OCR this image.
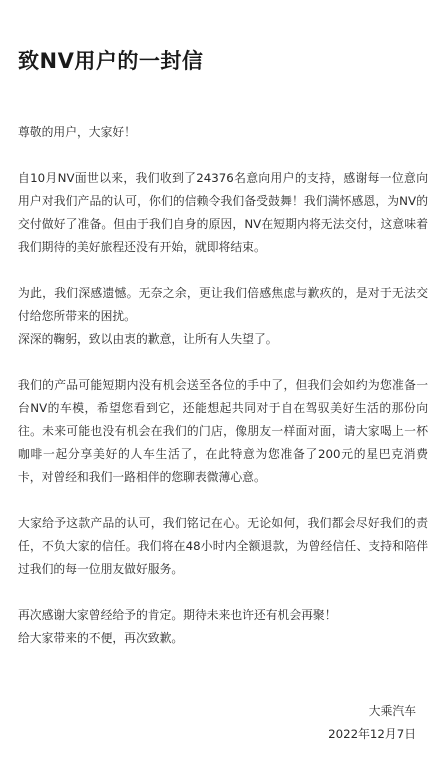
致NV用户的一封信

尊敬的用户，大家好！

自10月NV面世以来，我们收到了24376名意向用户的支持，感谢每一位意向用户对我们产品的认可，你们的信赖令我们备受鼓舞！我们满怀感恩，为NV的交付做好了准备。但由于我们自身的原因，NV在短期内将无法交付，这意味着我们期待的美好旅程还没有开始，就即将结束。

为此，我们深感遗憾。无奈之余，更让我们倍感焦虑与歉疚的，是对于无法交付给您所带来的困扰。

深深的鞠躬，致以由衷的歉意，让所有人失望了。

我们的产品可能短期内没有机会送至各位的手中了，但我们会如约为您准备一台NV的车模，希望您看到它，还能想起共同对于自在驾驭美好生活的那份向往。未来可能也没有机会在我们的门店，像朋友一样面对面，请大家喝上一杯咖啡一起分享美好的人车生活了，在此特意为您准备了200元的星巴克消费卡，对曾经和我们一路相伴的您聊表微薄心意。

大家给予这款产品的认可，我们铭记在心。无论如何，我们都会尽好我们的责任，不负大家的信任。我们将在48小时内全额退款，为曾经信任、支持和陪伴过我们的每一位朋友做好服务。

再次感谢大家曾经给予的肯定。期待未来也许还有机会再聚！

给大家带来的不便，再次致歉。

大乘汽车
2022年12月7日
